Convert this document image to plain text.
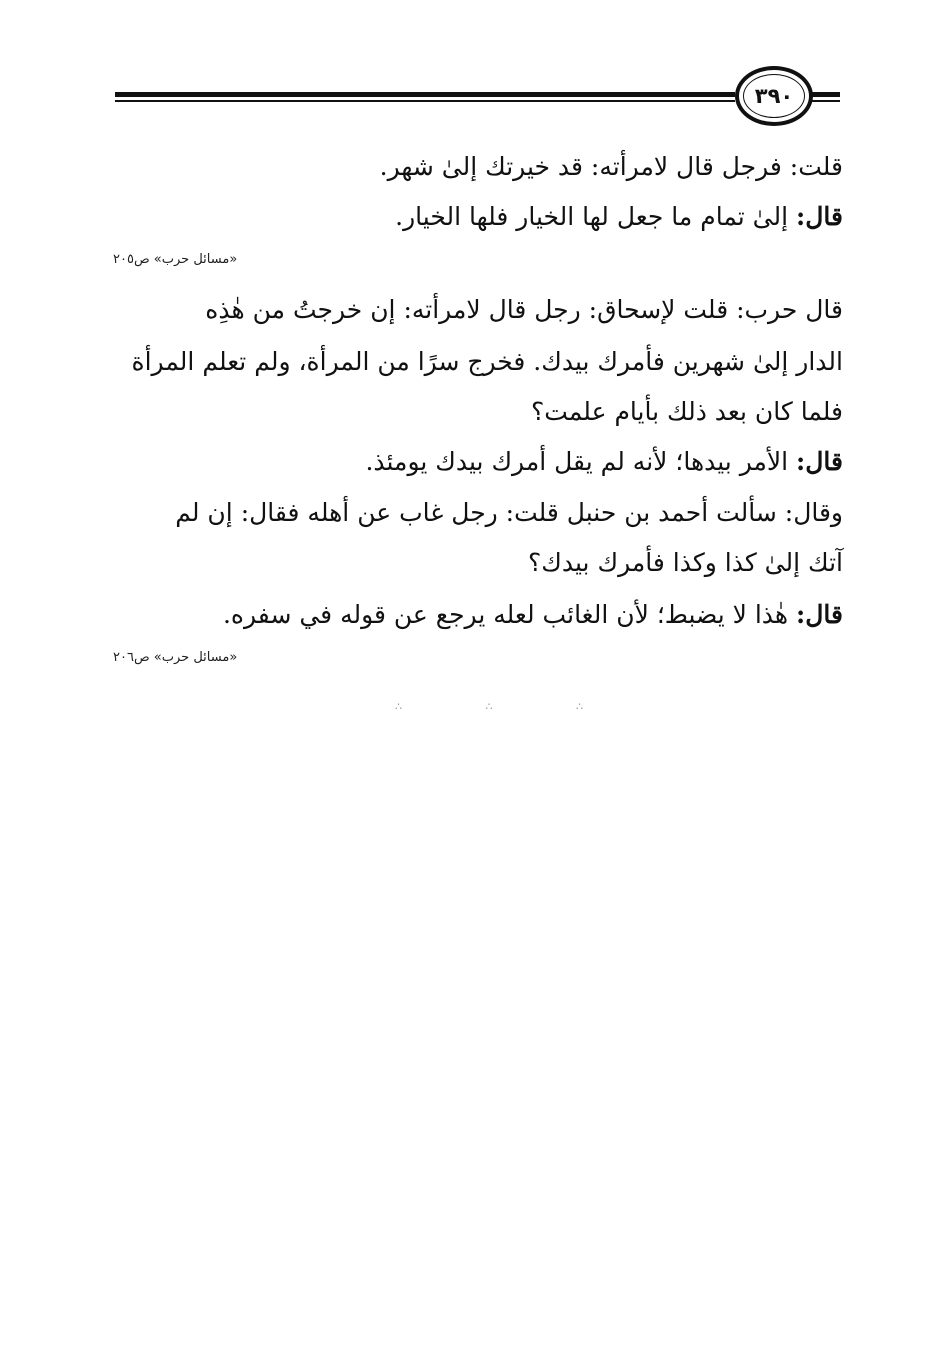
٣٩٠
قلت: فرجل قال لامرأته: قد خيرتك إلىٰ شهر.
قال: إلىٰ تمام ما جعل لها الخيار فلها الخيار.
«مسائل حرب» ص٢٠٥
قال حرب: قلت لإسحاق: رجل قال لامرأته: إن خرجتُ من هٰذِه
الدار إلىٰ شهرين فأمرك بيدك. فخرج سرًا من المرأة، ولم تعلم المرأة
فلما كان بعد ذلك بأيام علمت؟
قال: الأمر بيدها؛ لأنه لم يقل أمرك بيدك يومئذ.
وقال: سألت أحمد بن حنبل قلت: رجل غاب عن أهله فقال: إن لم
آتك إلىٰ كذا وكذا فأمرك بيدك؟
قال: هٰذا لا يضبط؛ لأن الغائب لعله يرجع عن قوله في سفره.
«مسائل حرب» ص٢٠٦
∴	∴	∴
